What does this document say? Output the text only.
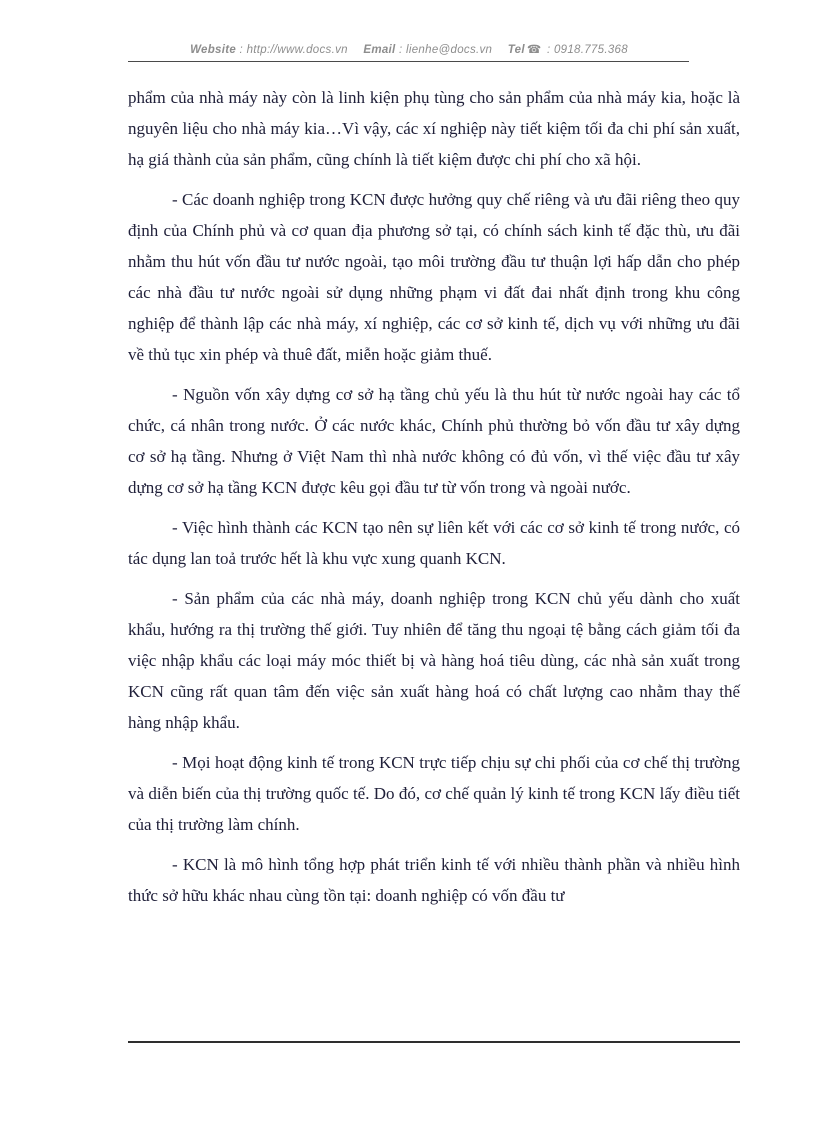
Website : http://www.docs.vn Email : lienhe@docs.vn Tel ☎ : 0918.775.368

phẩm của nhà máy này còn là linh kiện phụ tùng cho sản phẩm của nhà máy kia, hoặc là nguyên liệu cho nhà máy kia…Vì vậy, các xí nghiệp này tiết kiệm tối đa chi phí sản xuất, hạ giá thành của sản phẩm, cũng chính là tiết kiệm được chi phí cho xã hội.

- Các doanh nghiệp trong KCN được hưởng quy chế riêng và ưu đãi riêng theo quy định của Chính phủ và cơ quan địa phương sở tại, có chính sách kinh tế đặc thù, ưu đãi nhằm thu hút vốn đầu tư nước ngoài, tạo môi trường đầu tư thuận lợi hấp dẫn cho phép các nhà đầu tư nước ngoài sử dụng những phạm vi đất đai nhất định trong khu công nghiệp để thành lập các nhà máy, xí nghiệp, các cơ sở kinh tế, dịch vụ với những ưu đãi về thủ tục xin phép và thuê đất, miễn hoặc giảm thuế.

- Nguồn vốn xây dựng cơ sở hạ tầng chủ yếu là thu hút từ nước ngoài hay các tổ chức, cá nhân trong nước. Ở các nước khác, Chính phủ thường bỏ vốn đầu tư xây dựng cơ sở hạ tầng. Nhưng ở Việt Nam thì nhà nước không có đủ vốn, vì thế việc đầu tư xây dựng cơ sở hạ tầng KCN được kêu gọi đầu tư từ vốn trong và ngoài nước.

- Việc hình thành các KCN tạo nên sự liên kết với các cơ sở kinh tế trong nước, có tác dụng lan toả trước hết là khu vực xung quanh KCN.

- Sản phẩm của các nhà máy, doanh nghiệp trong KCN chủ yếu dành cho xuất khẩu, hướng ra thị trường thế giới. Tuy nhiên để tăng thu ngoại tệ bằng cách giảm tối đa việc nhập khẩu các loại máy móc thiết bị và hàng hoá tiêu dùng, các nhà sản xuất trong KCN cũng rất quan tâm đến việc sản xuất hàng hoá có chất lượng cao nhằm thay thế hàng nhập khẩu.

- Mọi hoạt động kinh tế trong KCN trực tiếp chịu sự chi phối của cơ chế thị trường và diễn biến của thị trường quốc tế. Do đó, cơ chế quản lý kinh tế trong KCN lấy điều tiết của thị trường làm chính.

- KCN là mô hình tổng hợp phát triển kinh tế với nhiều thành phần và nhiều hình thức sở hữu khác nhau cùng tồn tại: doanh nghiệp có vốn đầu tư
